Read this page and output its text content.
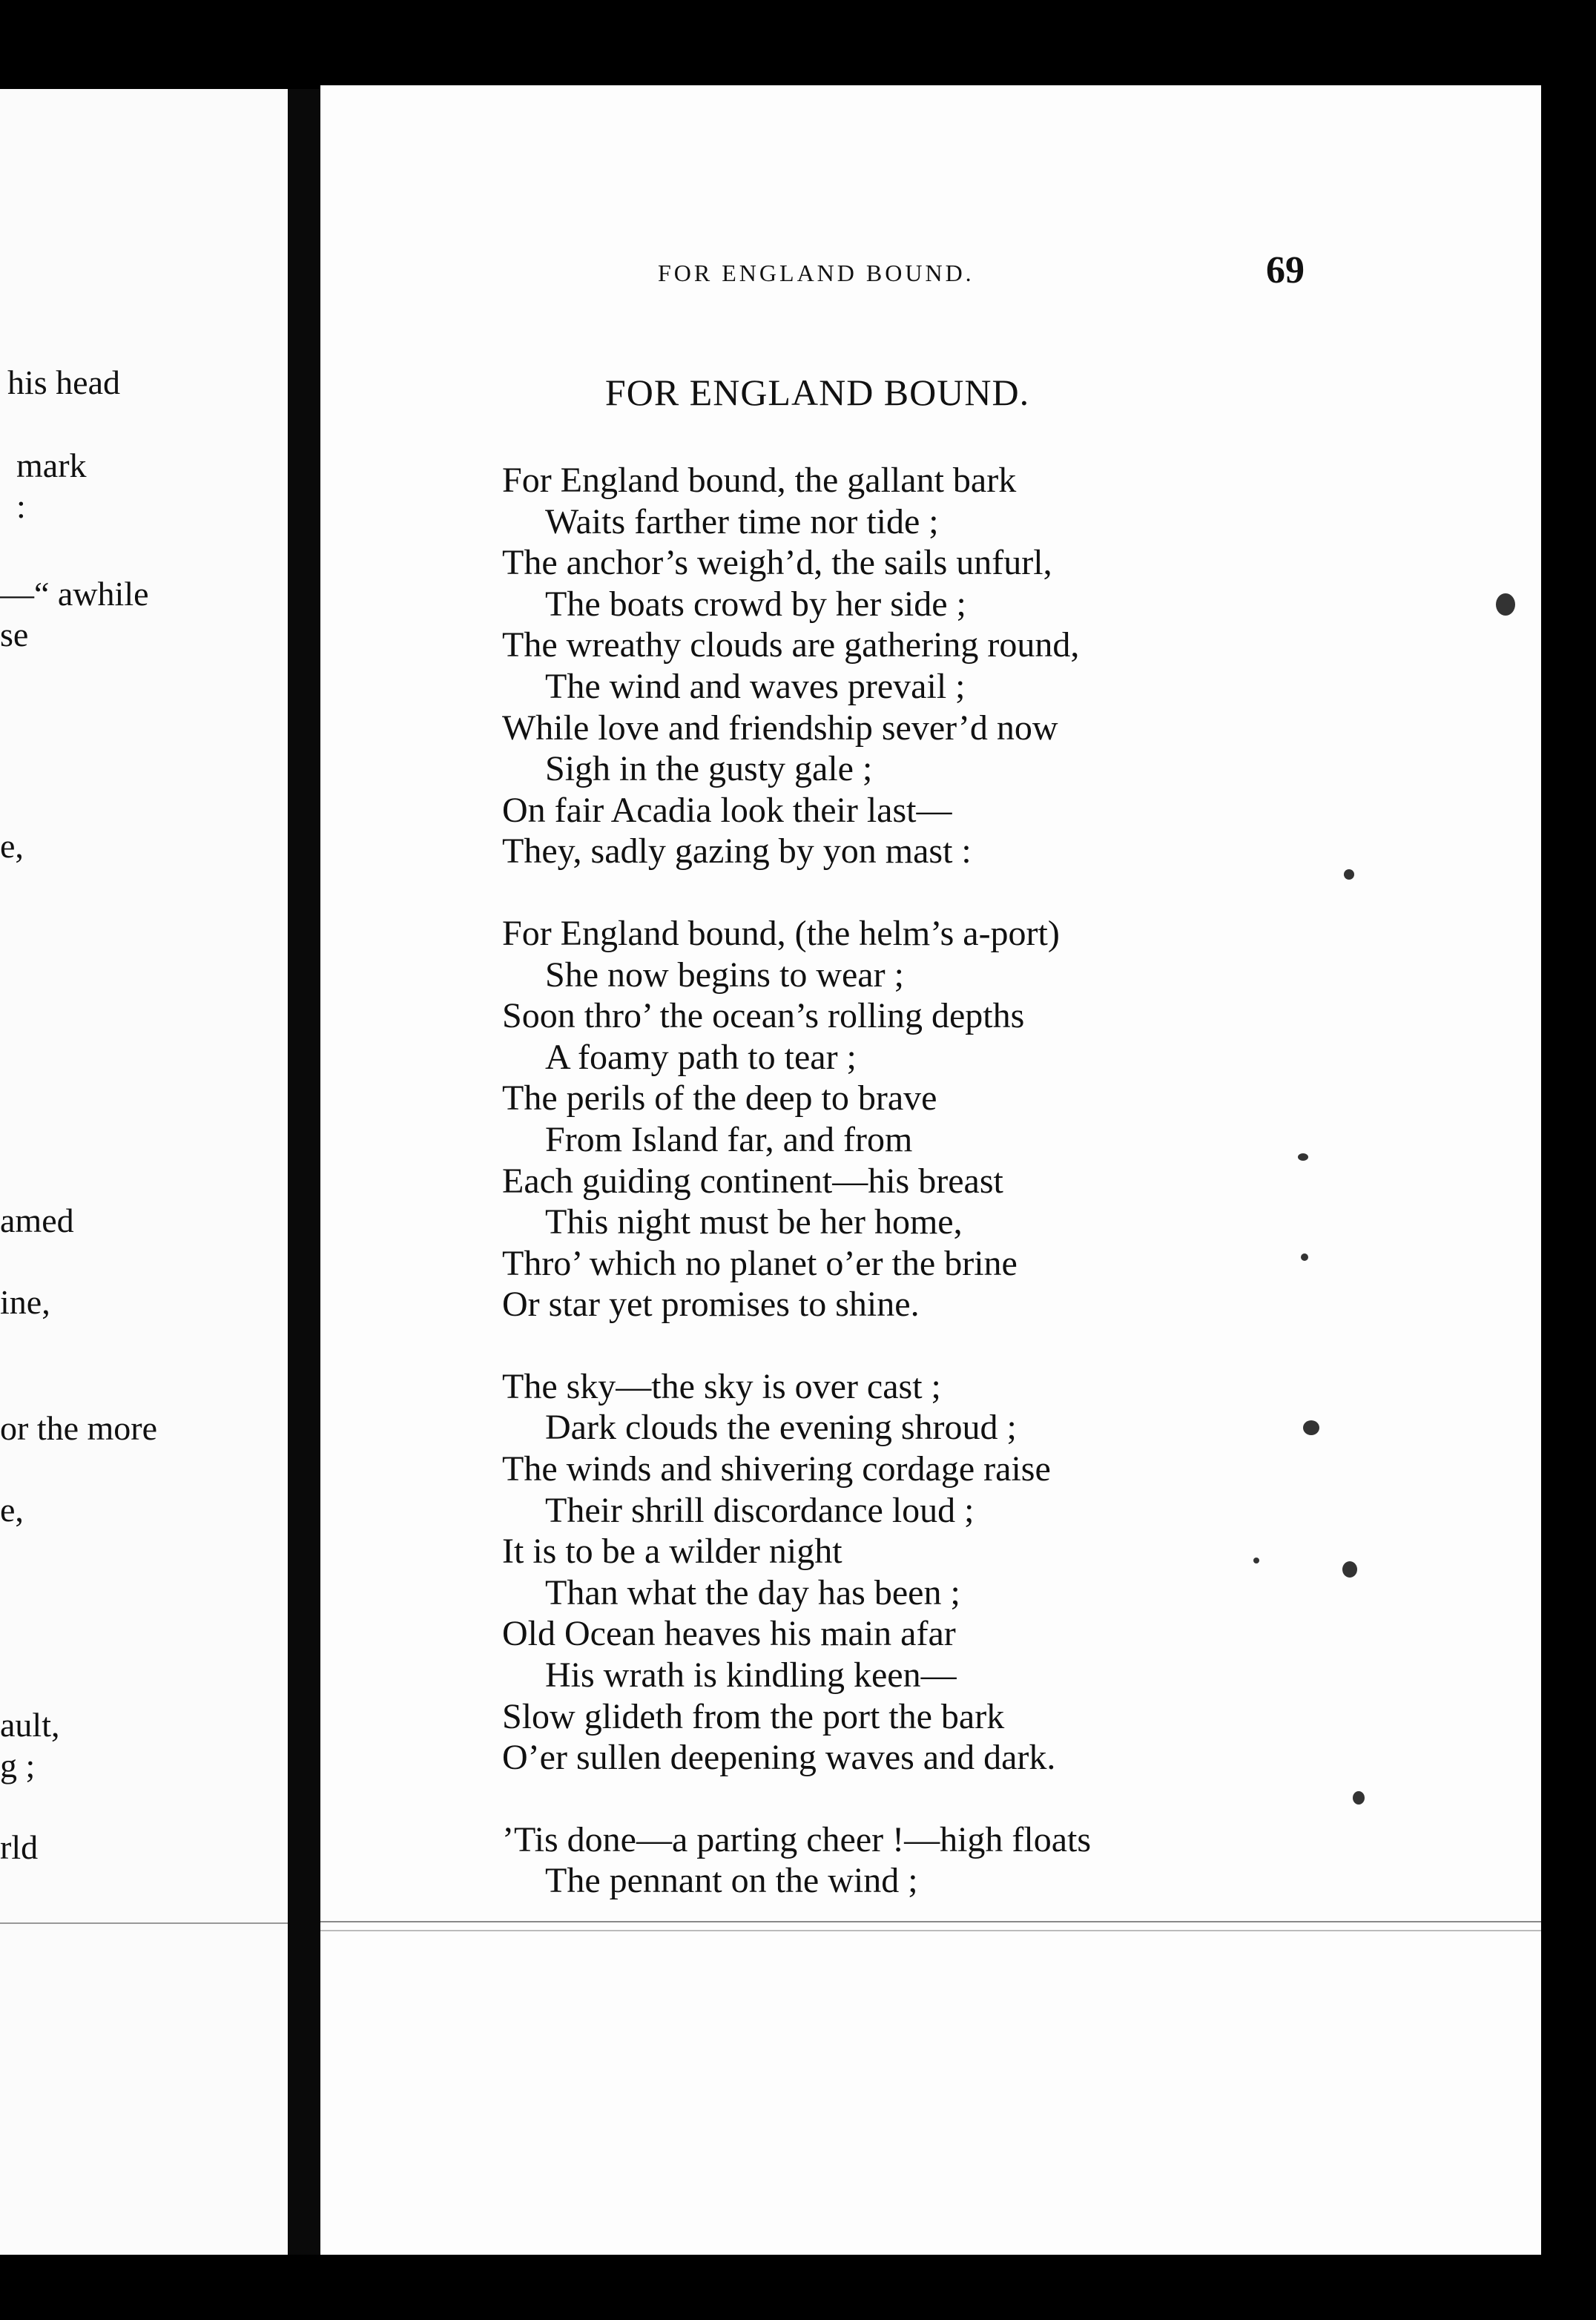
his head
mark
:
—“ awhile
se
e,
amed
ine,
or the more
e,
ault,
g ;
rld
FOR ENGLAND BOUND.	69
FOR ENGLAND BOUND.
For England bound, the gallant bark
Waits farther time nor tide ;
The anchor’s weigh’d, the sails unfurl,
The boats crowd by her side ;
The wreathy clouds are gathering round,
The wind and waves prevail ;
While love and friendship sever’d now
Sigh in the gusty gale ;
On fair Acadia look their last—
They, sadly gazing by yon mast :
For England bound, (the helm’s a-port)
She now begins to wear ;
Soon thro’ the ocean’s rolling depths
A foamy path to tear ;
The perils of the deep to brave
From Island far, and from
Each guiding continent—his breast
This night must be her home,
Thro’ which no planet o’er the brine
Or star yet promises to shine.
The sky—the sky is over cast ;
Dark clouds the evening shroud ;
The winds and shivering cordage raise
Their shrill discordance loud ;
It is to be a wilder night
Than what the day has been ;
Old Ocean heaves his main afar
His wrath is kindling keen—
Slow glideth from the port the bark
O’er sullen deepening waves and dark.
’Tis done—a parting cheer !—high floats
The pennant on the wind ;
